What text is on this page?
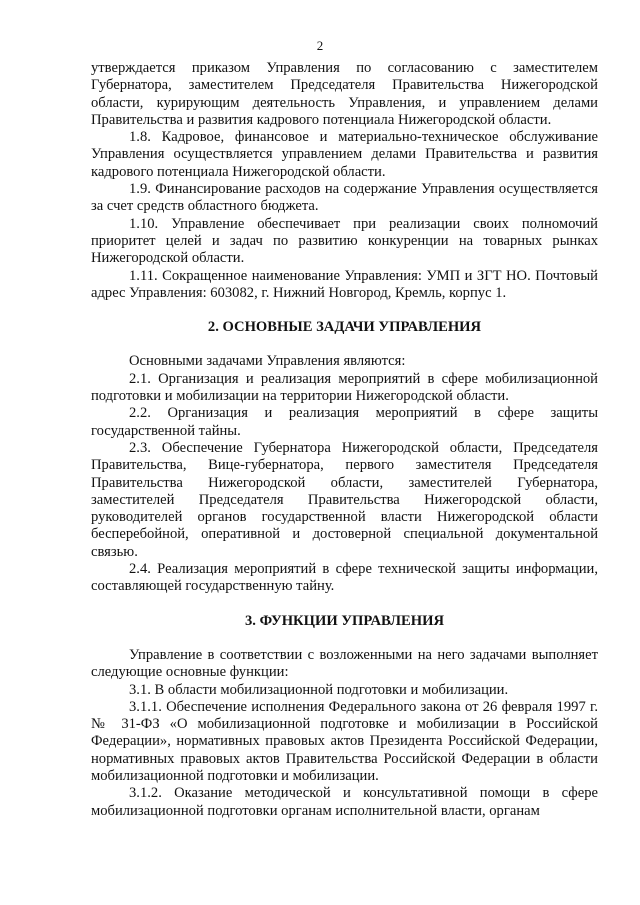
2

утверждается приказом Управления по согласованию с заместителем Губернатора, заместителем Председателя Правительства Нижегородской области, курирующим деятельность Управления, и управлением делами Правительства и развития кадрового потенциала Нижегородской области.

1.8. Кадровое, финансовое и материально-техническое обслуживание Управления осуществляется управлением делами Правительства и развития кадрового потенциала Нижегородской области.

1.9. Финансирование расходов на содержание Управления осуществляется за счет средств областного бюджета.

1.10. Управление обеспечивает при реализации своих полномочий приоритет целей и задач по развитию конкуренции на товарных рынках Нижегородской области.

1.11. Сокращенное наименование Управления: УМП и ЗГТ НО. Почтовый адрес Управления: 603082, г. Нижний Новгород, Кремль, корпус 1.

2. ОСНОВНЫЕ ЗАДАЧИ УПРАВЛЕНИЯ

Основными задачами Управления являются:

2.1. Организация и реализация мероприятий в сфере мобилизационной подготовки и мобилизации на территории Нижегородской области.

2.2. Организация и реализация мероприятий в сфере защиты государственной тайны.

2.3. Обеспечение Губернатора Нижегородской области, Председателя Правительства, Вице-губернатора, первого заместителя Председателя Правительства Нижегородской области, заместителей Губернатора, заместителей Председателя Правительства Нижегородской области, руководителей органов государственной власти Нижегородской области бесперебойной, оперативной и достоверной специальной документальной связью.

2.4. Реализация мероприятий в сфере технической защиты информации, составляющей государственную тайну.

3. ФУНКЦИИ УПРАВЛЕНИЯ

Управление в соответствии с возложенными на него задачами выполняет следующие основные функции:

3.1. В области мобилизационной подготовки и мобилизации.

3.1.1. Обеспечение исполнения Федерального закона от 26 февраля 1997 г. № 31-ФЗ «О мобилизационной подготовке и мобилизации в Российской Федерации», нормативных правовых актов Президента Российской Федерации, нормативных правовых актов Правительства Российской Федерации в области мобилизационной подготовки и мобилизации.

3.1.2. Оказание методической и консультативной помощи в сфере мобилизационной подготовки органам исполнительной власти, органам
